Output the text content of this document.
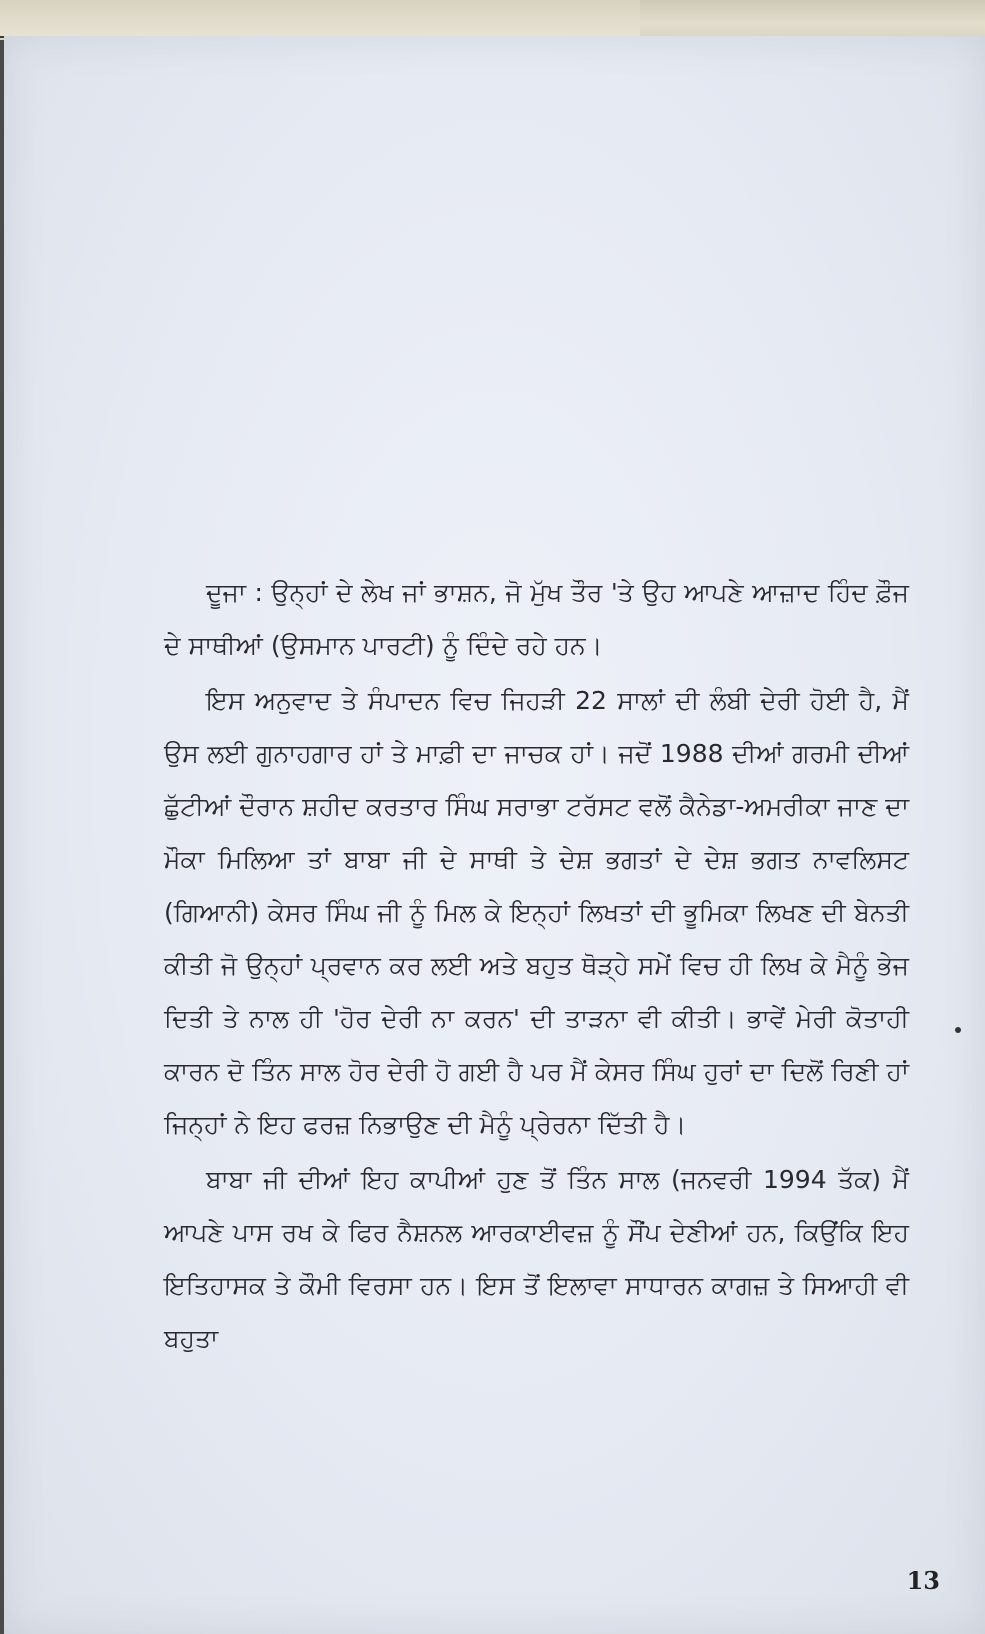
ਦੂਜਾ : ਉਨ੍ਹਾਂ ਦੇ ਲੇਖ ਜਾਂ ਭਾਸ਼ਨ, ਜੋ ਮੁੱਖ ਤੌਰ 'ਤੇ ਉਹ ਆਪਣੇ ਆਜ਼ਾਦ ਹਿੰਦ ਫ਼ੌਜ ਦੇ ਸਾਥੀਆਂ (ਉਸਮਾਨ ਪਾਰਟੀ) ਨੂੰ ਦਿੰਦੇ ਰਹੇ ਹਨ।

ਇਸ ਅਨੁਵਾਦ ਤੇ ਸੰਪਾਦਨ ਵਿਚ ਜਿਹੜੀ 22 ਸਾਲਾਂ ਦੀ ਲੰਬੀ ਦੇਰੀ ਹੋਈ ਹੈ, ਮੈਂ ਉਸ ਲਈ ਗੁਨਾਹਗਾਰ ਹਾਂ ਤੇ ਮਾਫ਼ੀ ਦਾ ਜਾਚਕ ਹਾਂ। ਜਦੋਂ 1988 ਦੀਆਂ ਗਰਮੀ ਦੀਆਂ ਛੁੱਟੀਆਂ ਦੌਰਾਨ ਸ਼ਹੀਦ ਕਰਤਾਰ ਸਿੰਘ ਸਰਾਭਾ ਟਰੱਸਟ ਵਲੋਂ ਕੈਨੇਡਾ-ਅਮਰੀਕਾ ਜਾਣ ਦਾ ਮੌਕਾ ਮਿਲਿਆ ਤਾਂ ਬਾਬਾ ਜੀ ਦੇ ਸਾਥੀ ਤੇ ਦੇਸ਼ ਭਗਤਾਂ ਦੇ ਦੇਸ਼ ਭਗਤ ਨਾਵਲਿਸਟ (ਗਿਆਨੀ) ਕੇਸਰ ਸਿੰਘ ਜੀ ਨੂੰ ਮਿਲ ਕੇ ਇਨ੍ਹਾਂ ਲਿਖਤਾਂ ਦੀ ਭੂਮਿਕਾ ਲਿਖਣ ਦੀ ਬੇਨਤੀ ਕੀਤੀ ਜੋ ਉਨ੍ਹਾਂ ਪ੍ਰਵਾਨ ਕਰ ਲਈ ਅਤੇ ਬਹੁਤ ਥੋੜ੍ਹੇ ਸਮੇਂ ਵਿਚ ਹੀ ਲਿਖ ਕੇ ਮੈਨੂੰ ਭੇਜ ਦਿਤੀ ਤੇ ਨਾਲ ਹੀ 'ਹੋਰ ਦੇਰੀ ਨਾ ਕਰਨ' ਦੀ ਤਾੜਨਾ ਵੀ ਕੀਤੀ। ਭਾਵੇਂ ਮੇਰੀ ਕੋਤਾਹੀ ਕਾਰਨ ਦੋ ਤਿੰਨ ਸਾਲ ਹੋਰ ਦੇਰੀ ਹੋ ਗਈ ਹੈ ਪਰ ਮੈਂ ਕੇਸਰ ਸਿੰਘ ਹੁਰਾਂ ਦਾ ਦਿਲੋਂ ਰਿਣੀ ਹਾਂ ਜਿਨ੍ਹਾਂ ਨੇ ਇਹ ਫਰਜ਼ ਨਿਭਾਉਣ ਦੀ ਮੈਨੂੰ ਪ੍ਰੇਰਨਾ ਦਿੱਤੀ ਹੈ।

ਬਾਬਾ ਜੀ ਦੀਆਂ ਇਹ ਕਾਪੀਆਂ ਹੁਣ ਤੋਂ ਤਿੰਨ ਸਾਲ (ਜਨਵਰੀ 1994 ਤੱਕ) ਮੈਂ ਆਪਣੇ ਪਾਸ ਰਖ ਕੇ ਫਿਰ ਨੈਸ਼ਨਲ ਆਰਕਾਈਵਜ਼ ਨੂੰ ਸੌਂਪ ਦੇਣੀਆਂ ਹਨ, ਕਿਉਂਕਿ ਇਹ ਇਤਿਹਾਸਕ ਤੇ ਕੌਮੀ ਵਿਰਸਾ ਹਨ। ਇਸ ਤੋਂ ਇਲਾਵਾ ਸਾਧਾਰਨ ਕਾਗਜ਼ ਤੇ ਸਿਆਹੀ ਵੀ ਬਹੁਤਾ

13
